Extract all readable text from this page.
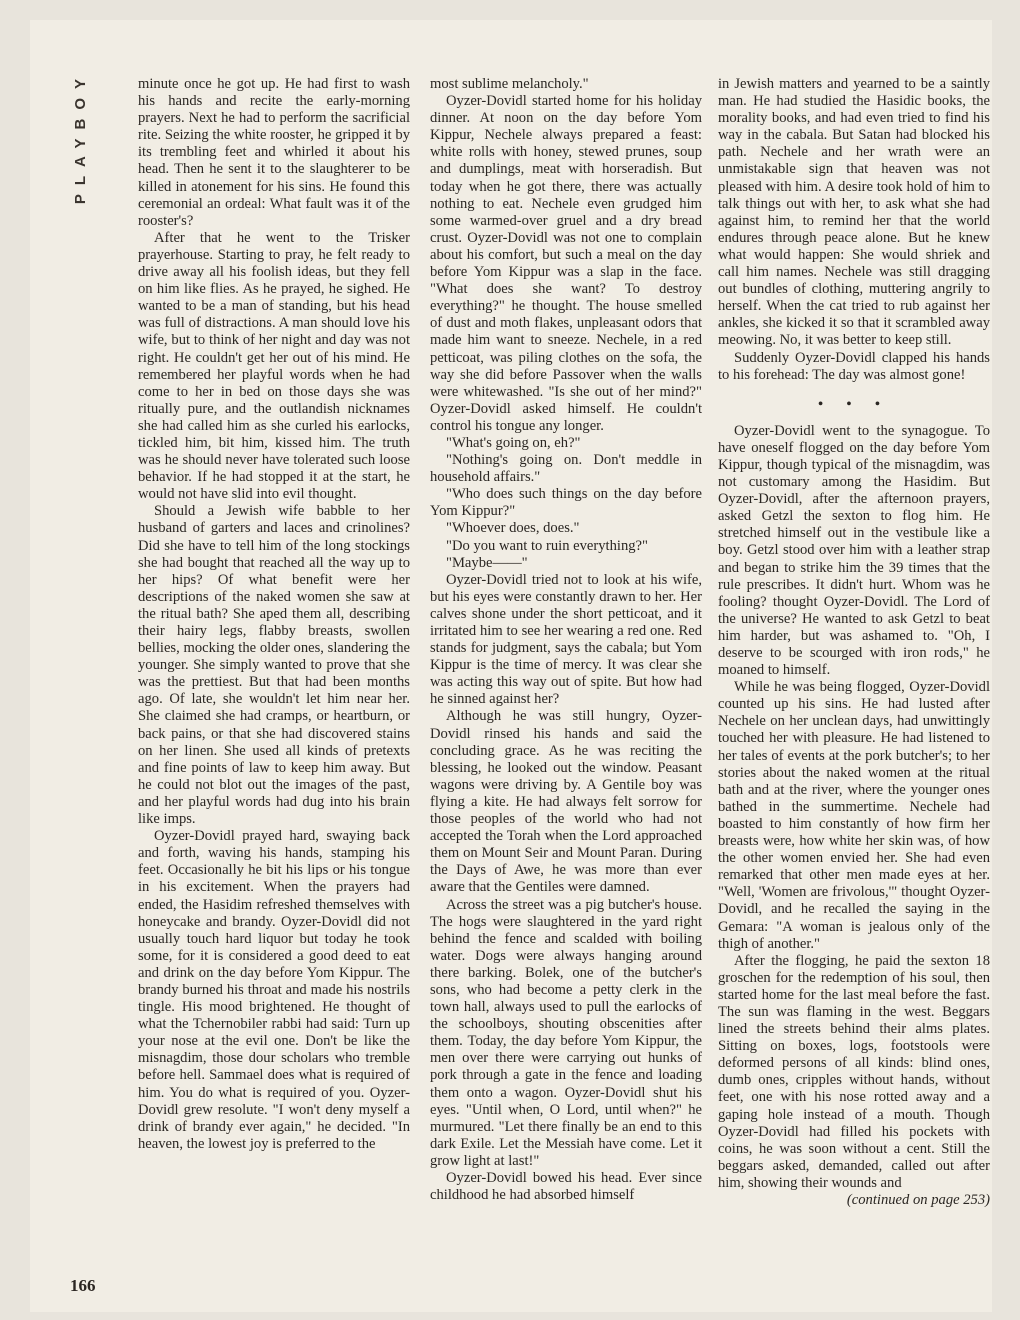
PLAYBOY	minute once he got up. He had first to wash his hands and recite the early-morning prayers. Next he had to perform the sacrificial rite. Seizing the white rooster, he gripped it by its trembling feet and whirled it about his head. Then he sent it to the slaughterer to be killed in atonement for his sins. He found this ceremonial an ordeal: What fault was it of the rooster's?

After that he went to the Trisker prayerhouse. Starting to pray, he felt ready to drive away all his foolish ideas, but they fell on him like flies. As he prayed, he sighed. He wanted to be a man of standing, but his head was full of distractions. A man should love his wife, but to think of her night and day was not right. He couldn't get her out of his mind. He remembered her playful words when he had come to her in bed on those days she was ritually pure, and the outlandish nicknames she had called him as she curled his earlocks, tickled him, bit him, kissed him. The truth was he should never have tolerated such loose behavior. If he had stopped it at the start, he would not have slid into evil thought.

Should a Jewish wife babble to her husband of garters and laces and crinolines? Did she have to tell him of the long stockings she had bought that reached all the way up to her hips? Of what benefit were her descriptions of the naked women she saw at the ritual bath? She aped them all, describing their hairy legs, flabby breasts, swollen bellies, mocking the older ones, slandering the younger. She simply wanted to prove that she was the prettiest. But that had been months ago. Of late, she wouldn't let him near her. She claimed she had cramps, or heartburn, or back pains, or that she had discovered stains on her linen. She used all kinds of pretexts and fine points of law to keep him away. But he could not blot out the images of the past, and her playful words had dug into his brain like imps.

Oyzer-Dovidl prayed hard, swaying back and forth, waving his hands, stamping his feet. Occasionally he bit his lips or his tongue in his excitement. When the prayers had ended, the Hasidim refreshed themselves with honeycake and brandy. Oyzer-Dovidl did not usually touch hard liquor but today he took some, for it is considered a good deed to eat and drink on the day before Yom Kippur. The brandy burned his throat and made his nostrils tingle. His mood brightened. He thought of what the Tchernobiler rabbi had said: Turn up your nose at the evil one. Don't be like the misnagdim, those dour scholars who tremble before hell. Sammael does what is required of him. You do what is required of you. Oyzer-Dovidl grew resolute. "I won't deny myself a drink of brandy ever again," he decided. "In heaven, the lowest joy is preferred to the

most sublime melancholy."

Oyzer-Dovidl started home for his holiday dinner. At noon on the day before Yom Kippur, Nechele always prepared a feast: white rolls with honey, stewed prunes, soup and dumplings, meat with horseradish. But today when he got there, there was actually nothing to eat. Nechele even grudged him some warmed-over gruel and a dry bread crust. Oyzer-Dovidl was not one to complain about his comfort, but such a meal on the day before Yom Kippur was a slap in the face. "What does she want? To destroy everything?" he thought. The house smelled of dust and moth flakes, unpleasant odors that made him want to sneeze. Nechele, in a red petticoat, was piling clothes on the sofa, the way she did before Passover when the walls were whitewashed. "Is she out of her mind?" Oyzer-Dovidl asked himself. He couldn't control his tongue any longer.

"What's going on, eh?"

"Nothing's going on. Don't meddle in household affairs."

"Who does such things on the day before Yom Kippur?"

"Whoever does, does."

"Do you want to ruin everything?"

"Maybe——"

Oyzer-Dovidl tried not to look at his wife, but his eyes were constantly drawn to her. Her calves shone under the short petticoat, and it irritated him to see her wearing a red one. Red stands for judgment, says the cabala; but Yom Kippur is the time of mercy. It was clear she was acting this way out of spite. But how had he sinned against her?

Although he was still hungry, Oyzer-Dovidl rinsed his hands and said the concluding grace. As he was reciting the blessing, he looked out the window. Peasant wagons were driving by. A Gentile boy was flying a kite. He had always felt sorrow for those peoples of the world who had not accepted the Torah when the Lord approached them on Mount Seir and Mount Paran. During the Days of Awe, he was more than ever aware that the Gentiles were damned.

Across the street was a pig butcher's house. The hogs were slaughtered in the yard right behind the fence and scalded with boiling water. Dogs were always hanging around there barking. Bolek, one of the butcher's sons, who had become a petty clerk in the town hall, always used to pull the earlocks of the schoolboys, shouting obscenities after them. Today, the day before Yom Kippur, the men over there were carrying out hunks of pork through a gate in the fence and loading them onto a wagon. Oyzer-Dovidl shut his eyes. "Until when, O Lord, until when?" he murmured. "Let there finally be an end to this dark Exile. Let the Messiah have come. Let it grow light at last!"

Oyzer-Dovidl bowed his head. Ever since childhood he had absorbed himself

in Jewish matters and yearned to be a saintly man. He had studied the Hasidic books, the morality books, and had even tried to find his way in the cabala. But Satan had blocked his path. Nechele and her wrath were an unmistakable sign that heaven was not pleased with him. A desire took hold of him to talk things out with her, to ask what she had against him, to remind her that the world endures through peace alone. But he knew what would happen: She would shriek and call him names. Nechele was still dragging out bundles of clothing, muttering angrily to herself. When the cat tried to rub against her ankles, she kicked it so that it scrambled away meowing. No, it was better to keep still.

Suddenly Oyzer-Dovidl clapped his hands to his forehead: The day was almost gone!

• • •

Oyzer-Dovidl went to the synagogue. To have oneself flogged on the day before Yom Kippur, though typical of the misnagdim, was not customary among the Hasidim. But Oyzer-Dovidl, after the afternoon prayers, asked Getzl the sexton to flog him. He stretched himself out in the vestibule like a boy. Getzl stood over him with a leather strap and began to strike him the 39 times that the rule prescribes. It didn't hurt. Whom was he fooling? thought Oyzer-Dovidl. The Lord of the universe? He wanted to ask Getzl to beat him harder, but was ashamed to. "Oh, I deserve to be scourged with iron rods," he moaned to himself.

While he was being flogged, Oyzer-Dovidl counted up his sins. He had lusted after Nechele on her unclean days, had unwittingly touched her with pleasure. He had listened to her tales of events at the pork butcher's; to her stories about the naked women at the ritual bath and at the river, where the younger ones bathed in the summertime. Nechele had boasted to him constantly of how firm her breasts were, how white her skin was, of how the other women envied her. She had even remarked that other men made eyes at her. "Well, 'Women are frivolous,'" thought Oyzer-Dovidl, and he recalled the saying in the Gemara: "A woman is jealous only of the thigh of another."

After the flogging, he paid the sexton 18 groschen for the redemption of his soul, then started home for the last meal before the fast. The sun was flaming in the west. Beggars lined the streets behind their alms plates. Sitting on boxes, logs, footstools were deformed persons of all kinds: blind ones, dumb ones, cripples without hands, without feet, one with his nose rotted away and a gaping hole instead of a mouth. Though Oyzer-Dovidl had filled his pockets with coins, he was soon without a cent. Still the beggars asked, demanded, called out after him, showing their wounds and

(continued on page 253)

166
